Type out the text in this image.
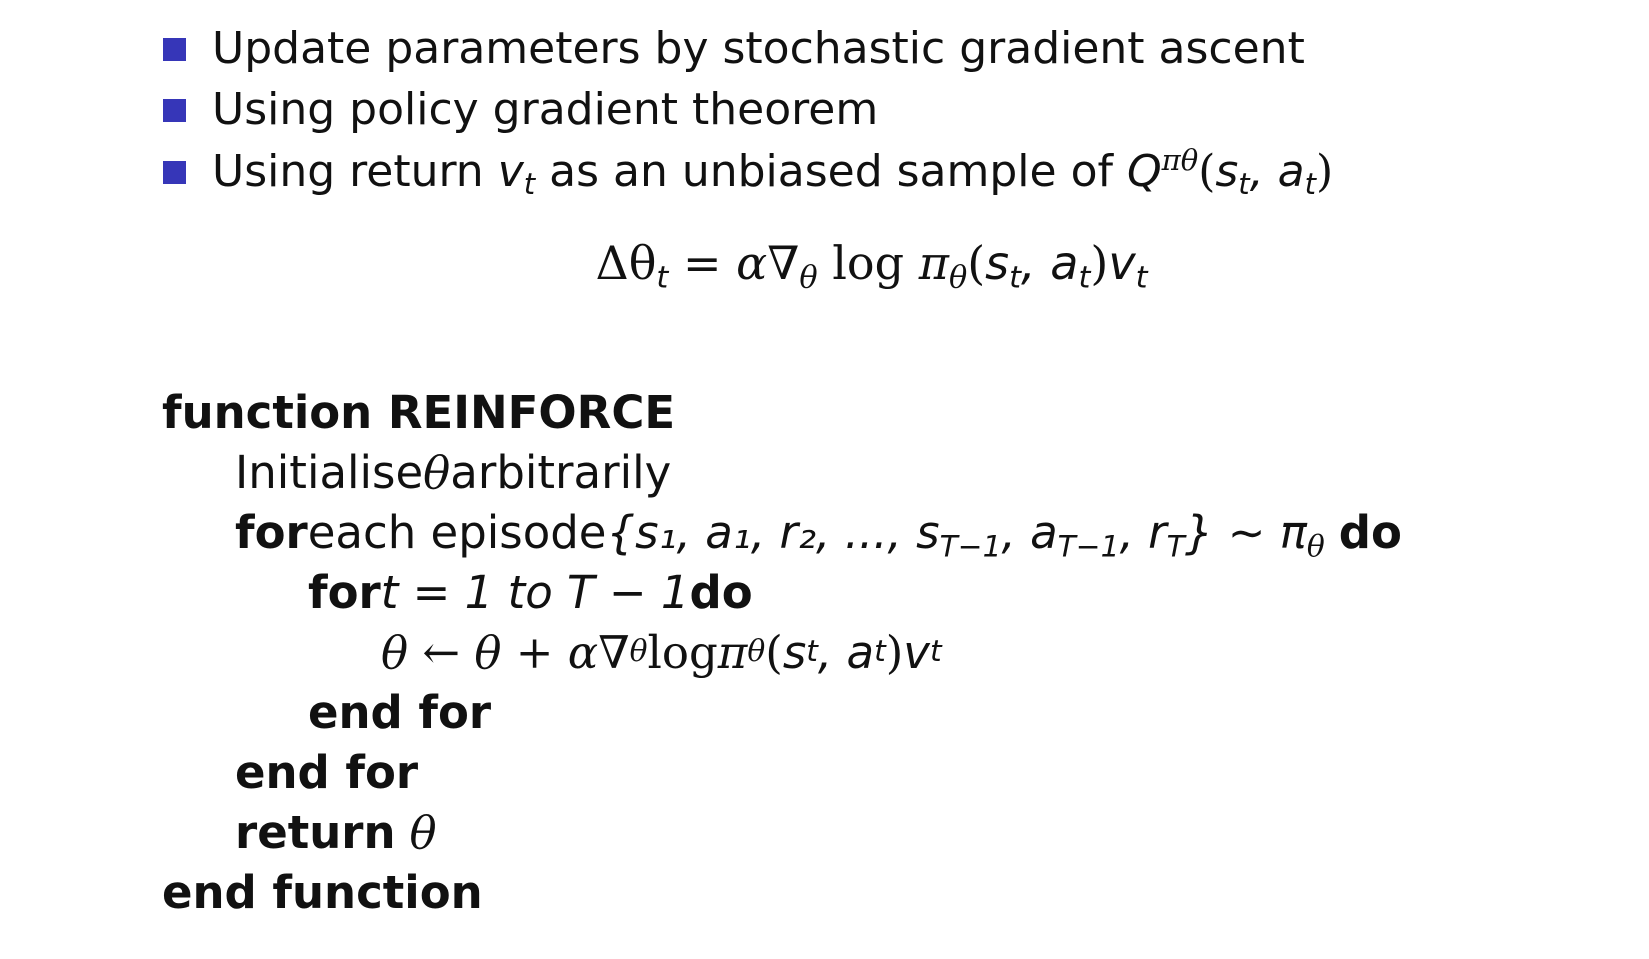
Update parameters by stochastic gradient ascent
Using policy gradient theorem
Using return $v_t$ as an unbiased sample of $Q^{\pi\theta}(s_t$, $a_t$)
$\Delta\theta_t = \alpha\nabla_\theta$ $\log \pi_\theta(s_t$, $a_t)v_t$
function REINFORCE
Initialise θ arbitrarily
for each episode {s₁, a₁, r₂, ..., $s_{T-1}$, $a_{T-1}$, $r_T$} ∼ $\pi_\theta$ do
for t = 1 to T − 1 do
θ ← θ + α∇ θ log π θ ( s t , a t ) v t
end for
end for
return θ
end function
